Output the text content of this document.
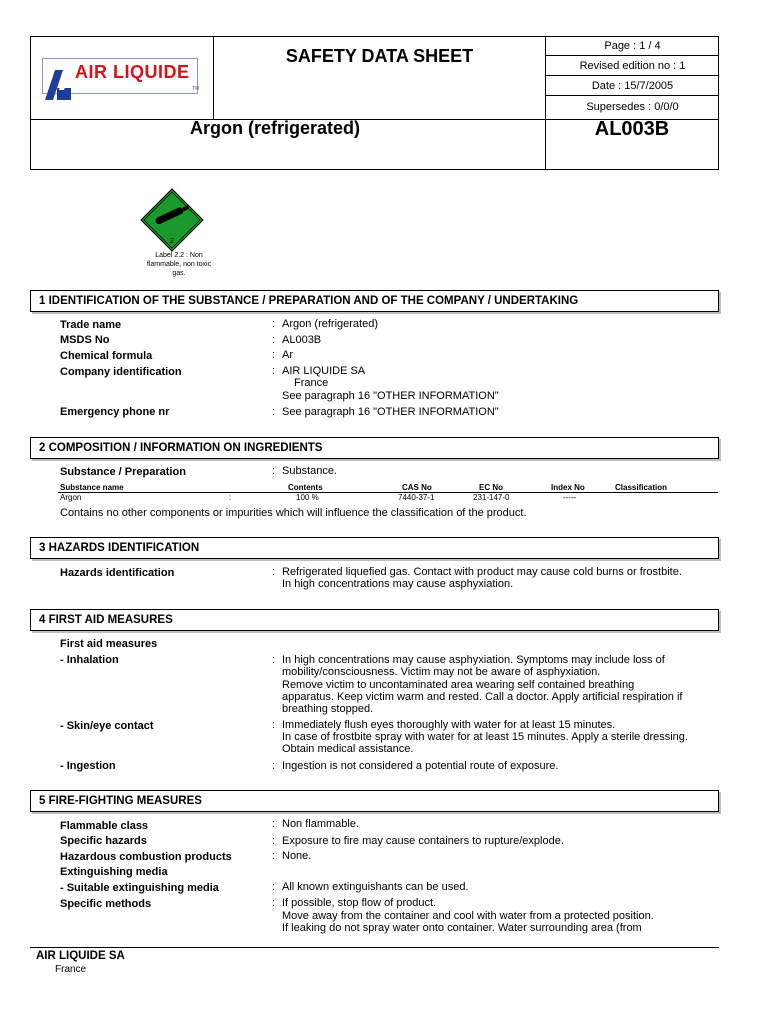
Page : 1 / 4
Revised edition no : 1
Date : 15/7/2005
Supersedes : 0/0/0
AIR LIQUIDE
TM
SAFETY DATA SHEET
Argon (refrigerated)	AL003B
2
Label 2.2 : Non flammable, non toxic gas.
1 IDENTIFICATION OF THE SUBSTANCE / PREPARATION AND OF THE COMPANY / UNDERTAKING
Trade name	: Argon (refrigerated)
MSDS No	: AL003B
Chemical formula	: Ar
Company identification	: AIR LIQUIDE SA
France
See paragraph 16 "OTHER INFORMATION"
Emergency phone nr	: See paragraph 16 "OTHER INFORMATION"
2 COMPOSITION / INFORMATION ON INGREDIENTS
Substance / Preparation	: Substance.
Substance name	Contents	CAS No	EC No	Index No	Classification
Argon	:	100 %	7440-37-1	231-147-0	-----
Contains no other components or impurities which will influence the classification of the product.
3 HAZARDS IDENTIFICATION
Hazards identification	: Refrigerated liquefied gas. Contact with product may cause cold burns or frostbite.
In high concentrations may cause asphyxiation.
4 FIRST AID MEASURES
First aid measures
- Inhalation	: In high concentrations may cause asphyxiation. Symptoms may include loss of
mobility/consciousness. Victim may not be aware of asphyxiation.
Remove victim to uncontaminated area wearing self contained breathing
apparatus. Keep victim warm and rested. Call a doctor. Apply artificial respiration if
breathing stopped.
- Skin/eye contact	: Immediately flush eyes thoroughly with water for at least 15 minutes.
In case of frostbite spray with water for at least 15 minutes. Apply a sterile dressing.
Obtain medical assistance.
- Ingestion	: Ingestion is not considered a potential route of exposure.
5 FIRE-FIGHTING MEASURES
Flammable class	: Non flammable.
Specific hazards	: Exposure to fire may cause containers to rupture/explode.
Hazardous combustion products	: None.
Extinguishing media
- Suitable extinguishing media	: All known extinguishants can be used.
Specific methods	: If possible, stop flow of product.
Move away from the container and cool with water from a protected position.
If leaking do not spray water onto container. Water surrounding area (from
AIR LIQUIDE SA
France
